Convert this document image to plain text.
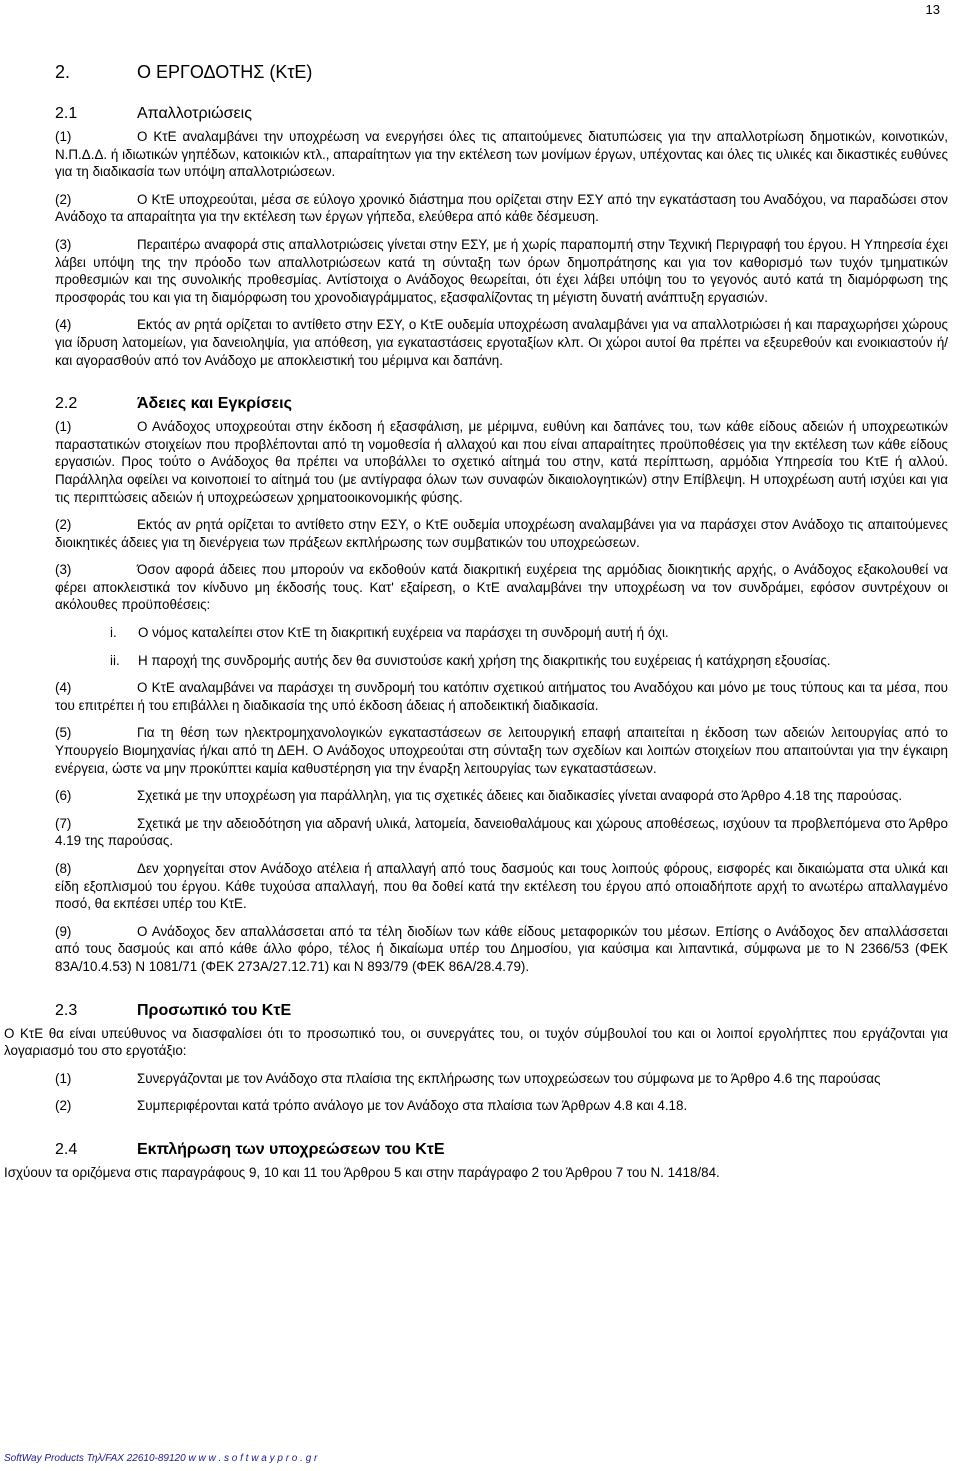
13
2.	Ο ΕΡΓΟΔΟΤΗΣ (ΚτΕ)
2.1	Απαλλοτριώσεις

(1)	Ο ΚτΕ αναλαμβάνει την υποχρέωση να ενεργήσει όλες τις απαιτούμενες διατυπώσεις για την απαλλοτρίωση δημοτικών, κοινοτικών, Ν.Π.Δ.Δ. ή ιδιωτικών γηπέδων, κατοικιών κτλ., απαραίτητων για την εκτέλεση των μονίμων έργων, υπέχοντας και όλες τις υλικές και δικαστικές ευθύνες για τη διαδικασία των υπόψη απαλλοτριώσεων.

(2)	Ο ΚτΕ υποχρεούται, μέσα σε εύλογο χρονικό διάστημα που ορίζεται στην ΕΣΥ από την εγκατάσταση του Αναδόχου, να παραδώσει στον Ανάδοχο τα απαραίτητα για την εκτέλεση των έργων γήπεδα, ελεύθερα από κάθε δέσμευση.

(3)	Περαιτέρω αναφορά στις απαλλοτριώσεις γίνεται στην ΕΣΥ, με ή χωρίς παραπομπή στην Τεχνική Περιγραφή του έργου. Η Υπηρεσία έχει λάβει υπόψη της την πρόοδο των απαλλοτριώσεων κατά τη σύνταξη των όρων δημοπράτησης και για τον καθορισμό των τυχόν τμηματικών προθεσμιών και της συνολικής προθεσμίας. Αντίστοιχα ο Ανάδοχος θεωρείται, ότι έχει λάβει υπόψη του το γεγονός αυτό κατά τη διαμόρφωση της προσφοράς του και για τη διαμόρφωση του χρονοδιαγράμματος, εξασφαλίζοντας τη μέγιστη δυνατή ανάπτυξη εργασιών.

(4)	Εκτός αν ρητά ορίζεται το αντίθετο στην ΕΣΥ, ο ΚτΕ ουδεμία υποχρέωση αναλαμβάνει για να απαλλοτριώσει ή και παραχωρήσει χώρους για ίδρυση λατομείων, για δανειοληψία, για απόθεση, για εγκαταστάσεις εργοταξίων κλπ. Οι χώροι αυτοί θα πρέπει να εξευρεθούν και ενοικιαστούν ή/και αγορασθούν από τον Ανάδοχο με αποκλειστική του μέριμνα και δαπάνη.

2.2	Άδειες και Εγκρίσεις

(1)	Ο Ανάδοχος υποχρεούται στην έκδοση ή εξασφάλιση, με μέριμνα, ευθύνη και δαπάνες του, των κάθε είδους αδειών ή υποχρεωτικών παραστατικών στοιχείων που προβλέπονται από τη νομοθεσία ή αλλαχού και που είναι απαραίτητες προϋποθέσεις για την εκτέλεση των κάθε είδους εργασιών. Προς τούτο ο Ανάδοχος θα πρέπει να υποβάλλει το σχετικό αίτημά του στην, κατά περίπτωση, αρμόδια Υπηρεσία του ΚτΕ ή αλλού. Παράλληλα οφείλει να κοινοποιεί το αίτημά του (με αντίγραφα όλων των συναφών δικαιολογητικών) στην Επίβλεψη. Η υποχρέωση αυτή ισχύει και για τις περιπτώσεις αδειών ή υποχρεώσεων χρηματοοικονομικής φύσης.

(2)	Εκτός αν ρητά ορίζεται το αντίθετο στην ΕΣΥ, ο ΚτΕ ουδεμία υποχρέωση αναλαμβάνει για να παράσχει στον Ανάδοχο τις απαιτούμενες διοικητικές άδειες για τη διενέργεια των πράξεων εκπλήρωσης των συμβατικών του υποχρεώσεων.

(3)	Όσον αφορά άδειες που μπορούν να εκδοθούν κατά διακριτική ευχέρεια της αρμόδιας διοικητικής αρχής, ο Ανάδοχος εξακολουθεί να φέρει αποκλειστικά τον κίνδυνο μη έκδοσής τους. Κατ' εξαίρεση, ο ΚτΕ αναλαμβάνει την υποχρέωση να τον συνδράμει, εφόσον συντρέχουν οι ακόλουθες προϋποθέσεις:

i. Ο νόμος καταλείπει στον ΚτΕ τη διακριτική ευχέρεια να παράσχει τη συνδρομή αυτή ή όχι.

ii. Η παροχή της συνδρομής αυτής δεν θα συνιστούσε κακή χρήση της διακριτικής του ευχέρειας ή κατάχρηση εξουσίας.

(4)	Ο ΚτΕ αναλαμβάνει να παράσχει τη συνδρομή του κατόπιν σχετικού αιτήματος του Αναδόχου και μόνο με τους τύπους και τα μέσα, που του επιτρέπει ή του επιβάλλει η διαδικασία της υπό έκδοση άδειας ή αποδεικτική διαδικασία.

(5)	Για τη θέση των ηλεκτρομηχανολογικών εγκαταστάσεων σε λειτουργική επαφή απαιτείται η έκδοση των αδειών λειτουργίας από το Υπουργείο Βιομηχανίας ή/και από τη ΔΕΗ. Ο Ανάδοχος υποχρεούται στη σύνταξη των σχεδίων και λοιπών στοιχείων που απαιτούνται για την έγκαιρη ενέργεια, ώστε να μην προκύπτει καμία καθυστέρηση για την έναρξη λειτουργίας των εγκαταστάσεων.

(6)	Σχετικά με την υποχρέωση για παράλληλη, για τις σχετικές άδειες και διαδικασίες γίνεται αναφορά στο Άρθρο 4.18 της παρούσας.

(7)	Σχετικά με την αδειοδότηση για αδρανή υλικά, λατομεία, δανειοθαλάμους και χώρους αποθέσεως, ισχύουν τα προβλεπόμενα στο Άρθρο 4.19 της παρούσας.

(8)	Δεν χορηγείται στον Ανάδοχο ατέλεια ή απαλλαγή από τους δασμούς και τους λοιπούς φόρους, εισφορές και δικαιώματα στα υλικά και είδη εξοπλισμού του έργου. Κάθε τυχούσα απαλλαγή, που θα δοθεί κατά την εκτέλεση του έργου από οποιαδήποτε αρχή το ανωτέρω απαλλαγμένο ποσό, θα εκπέσει υπέρ του ΚτΕ.

(9)	Ο Ανάδοχος δεν απαλλάσσεται από τα τέλη διοδίων των κάθε είδους μεταφορικών του μέσων. Επίσης ο Ανάδοχος δεν απαλλάσσεται από τους δασμούς και από κάθε άλλο φόρο, τέλος ή δικαίωμα υπέρ του Δημοσίου, για καύσιμα και λιπαντικά, σύμφωνα με το Ν 2366/53 (ΦΕΚ 83Α/10.4.53) Ν 1081/71 (ΦΕΚ 273Α/27.12.71) και Ν 893/79 (ΦΕΚ 86Α/28.4.79).

2.3	Προσωπικό του ΚτΕ

Ο ΚτΕ θα είναι υπεύθυνος να διασφαλίσει ότι το προσωπικό του, οι συνεργάτες του, οι τυχόν σύμβουλοί του και οι λοιποί εργολήπτες που εργάζονται για λογαριασμό του στο εργοτάξιο:

(1)	Συνεργάζονται με τον Ανάδοχο στα πλαίσια της εκπλήρωσης των υποχρεώσεων του σύμφωνα με το Άρθρο 4.6 της παρούσας

(2)	Συμπεριφέρονται κατά τρόπο ανάλογο με τον Ανάδοχο στα πλαίσια των Άρθρων 4.8 και 4.18.

2.4	Εκπλήρωση των υποχρεώσεων του ΚτΕ

Ισχύουν τα οριζόμενα στις παραγράφους 9, 10 και 11 του Άρθρου 5 και στην παράγραφο 2 του Άρθρου 7 του Ν. 1418/84.

SoftWay Products Τηλ/FAX 22610-89120 w w w . s o f t w a y p r o . g r
